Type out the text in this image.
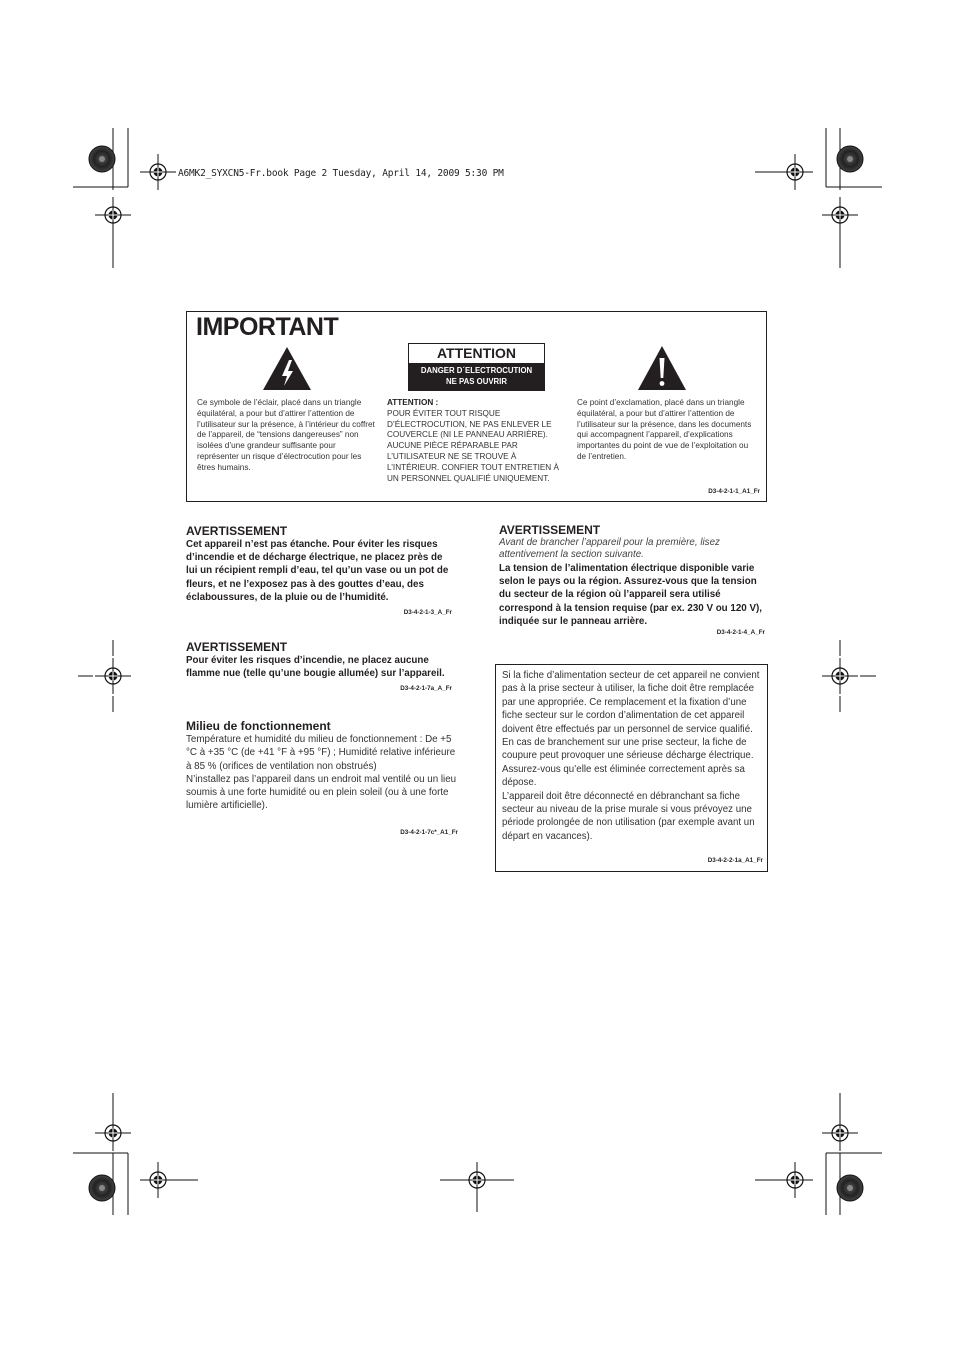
A6MK2_SYXCN5-Fr.book Page 2 Tuesday, April 14, 2009 5:30 PM
IMPORTANT
ATTENTION
DANGER D´ELECTROCUTION
NE PAS OUVRIR
Ce symbole de l’éclair, placé dans un triangle équilatéral, a pour but d’attirer l’attention de l’utilisateur sur la présence, à l’intérieur du coffret de l’appareil, de “tensions dangereuses” non isolées d’une grandeur suffisante pour représenter un risque d’électrocution pour les êtres humains.
ATTENTION :
POUR ÉVITER TOUT RISQUE D’ÉLECTROCUTION, NE PAS ENLEVER LE COUVERCLE (NI LE PANNEAU ARRIÈRE). AUCUNE PIÈCE RÉPARABLE PAR L’UTILISATEUR NE SE TROUVE À L’INTÉRIEUR. CONFIER TOUT ENTRETIEN À UN PERSONNEL QUALIFIÉ UNIQUEMENT.
Ce point d’exclamation, placé dans un triangle équilatéral, a pour but d’attirer l’attention de l’utilisateur sur la présence, dans les documents qui accompagnent l’appareil, d’explications importantes du point de vue de l’exploitation ou de l’entretien.
D3-4-2-1-1_A1_Fr
AVERTISSEMENT
Cet appareil n’est pas étanche. Pour éviter les risques d’incendie et de décharge électrique, ne placez près de lui un récipient rempli d’eau, tel qu’un vase ou un pot de fleurs, et ne l’exposez pas à des gouttes d’eau, des éclaboussures, de la pluie ou de l’humidité.
D3-4-2-1-3_A_Fr
AVERTISSEMENT
Pour éviter les risques d’incendie, ne placez aucune flamme nue (telle qu’une bougie allumée) sur l’appareil.
D3-4-2-1-7a_A_Fr
Milieu de fonctionnement
Température et humidité du milieu de fonctionnement : De +5 °C à +35 °C (de +41 °F à +95 °F) ; Humidité relative inférieure à 85 % (orifices de ventilation non obstrués)
N’installez pas l’appareil dans un endroit mal ventilé ou un lieu soumis à une forte humidité ou en plein soleil (ou à une forte lumière artificielle).
D3-4-2-1-7c*_A1_Fr
AVERTISSEMENT
Avant de brancher l’appareil pour la première, lisez attentivement la section suivante.
La tension de l’alimentation électrique disponible varie selon le pays ou la région. Assurez-vous que la tension du secteur de la région où l’appareil sera utilisé correspond à la tension requise (par ex. 230 V ou 120 V), indiquée sur le panneau arrière.
D3-4-2-1-4_A_Fr
Si la fiche d’alimentation secteur de cet appareil ne convient pas à la prise secteur à utiliser, la fiche doit être remplacée par une appropriée. Ce remplacement et la fixation d’une fiche secteur sur le cordon d’alimentation de cet appareil doivent être effectués par un personnel de service qualifié. En cas de branchement sur une prise secteur, la fiche de coupure peut provoquer une sérieuse décharge électrique. Assurez-vous qu’elle est éliminée correctement après sa dépose.
L’appareil doit être déconnecté en débranchant sa fiche secteur au niveau de la prise murale si vous prévoyez une période prolongée de non utilisation (par exemple avant un départ en vacances).
D3-4-2-2-1a_A1_Fr
